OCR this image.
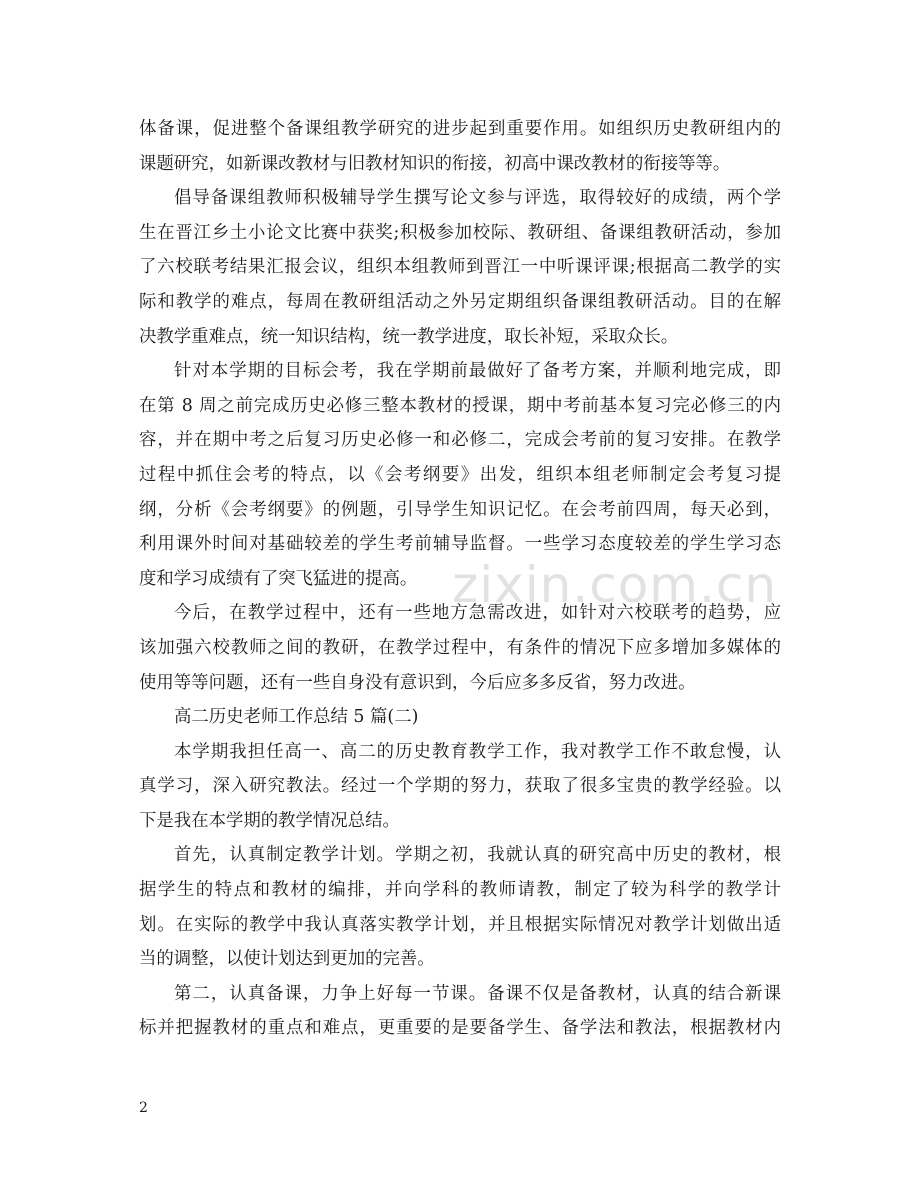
体备课，促进整个备课组教学研究的进步起到重要作用。如组织历史教研组内的
课题研究，如新课改教材与旧教材知识的衔接，初高中课改教材的衔接等等。
倡导备课组教师积极辅导学生撰写论文参与评选，取得较好的成绩，两个学
生在晋江乡土小论文比赛中获奖;积极参加校际、教研组、备课组教研活动，参加
了六校联考结果汇报会议，组织本组教师到晋江一中听课评课;根据高二教学的实
际和教学的难点，每周在教研组活动之外另定期组织备课组教研活动。目的在解
决教学重难点，统一知识结构，统一教学进度，取长补短，采取众长。
针对本学期的目标会考，我在学期前最做好了备考方案，并顺利地完成，即
在第 8 周之前完成历史必修三整本教材的授课，期中考前基本复习完必修三的内
容，并在期中考之后复习历史必修一和必修二，完成会考前的复习安排。在教学
过程中抓住会考的特点，以《会考纲要》出发，组织本组老师制定会考复习提
纲，分析《会考纲要》的例题，引导学生知识记忆。在会考前四周，每天必到，
利用课外时间对基础较差的学生考前辅导监督。一些学习态度较差的学生学习态
度和学习成绩有了突飞猛进的提高。
今后，在教学过程中，还有一些地方急需改进，如针对六校联考的趋势，应
该加强六校教师之间的教研，在教学过程中，有条件的情况下应多增加多媒体的
使用等等问题，还有一些自身没有意识到，今后应多多反省，努力改进。
高二历史老师工作总结 5 篇(二)
本学期我担任高一、高二的历史教育教学工作，我对教学工作不敢怠慢，认
真学习，深入研究教法。经过一个学期的努力，获取了很多宝贵的教学经验。以
下是我在本学期的教学情况总结。
首先，认真制定教学计划。学期之初，我就认真的研究高中历史的教材，根
据学生的特点和教材的编排，并向学科的教师请教，制定了较为科学的教学计
划。在实际的教学中我认真落实教学计划，并且根据实际情况对教学计划做出适
当的调整，以使计划达到更加的完善。
第二，认真备课，力争上好每一节课。备课不仅是备教材，认真的结合新课
标并把握教材的重点和难点，更重要的是要备学生、备学法和教法，根据教材内
zixin.com.cn
2
